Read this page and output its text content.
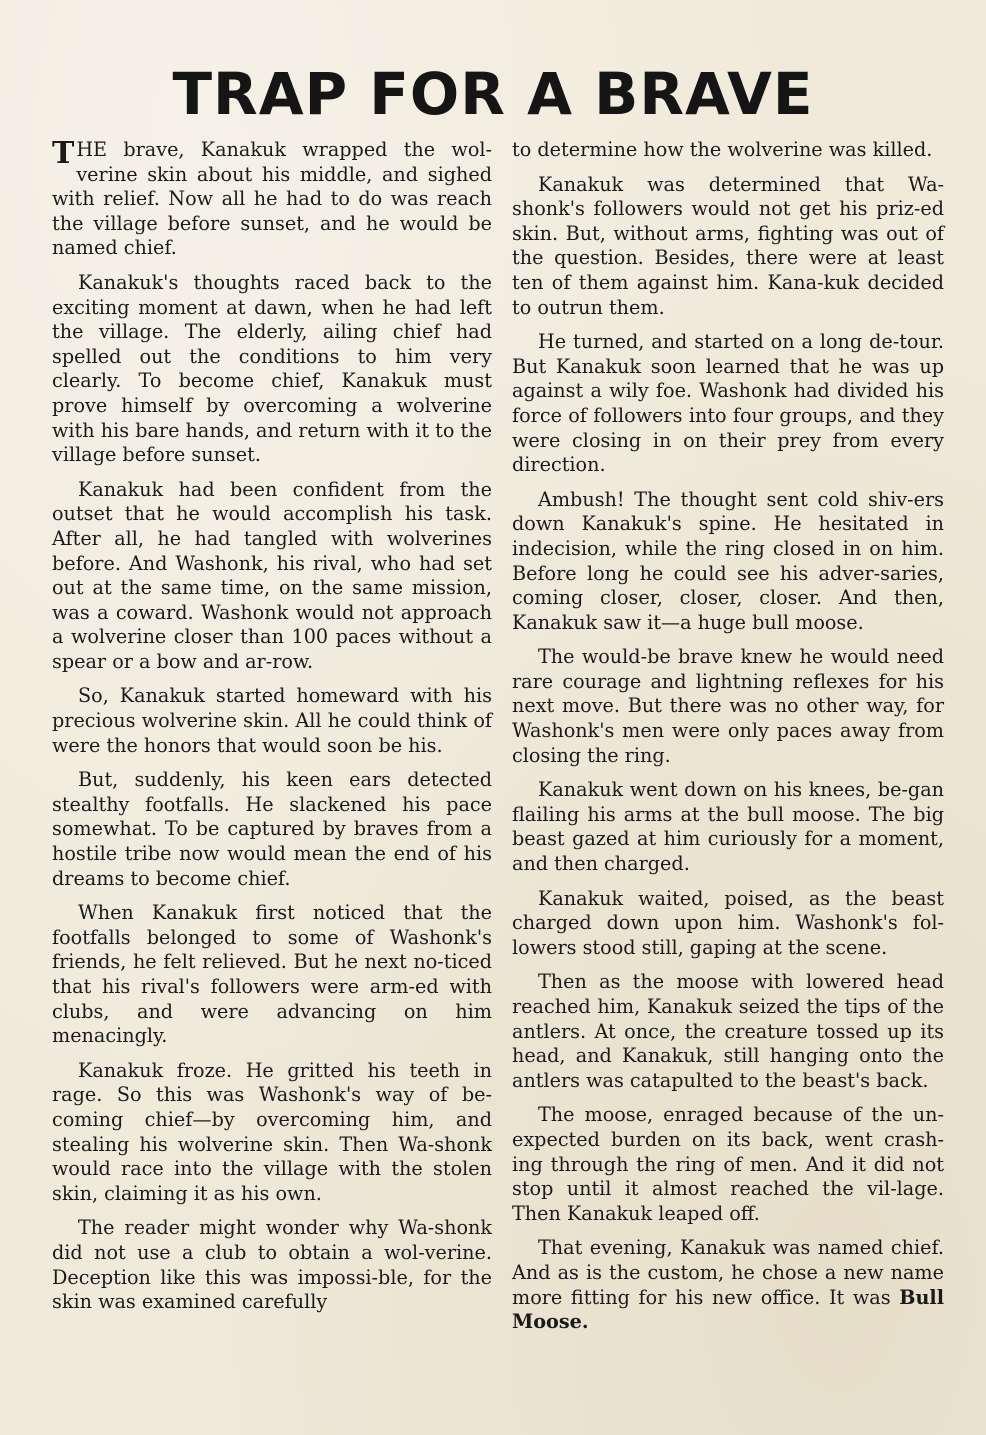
TRAP FOR A BRAVE

THE brave, Kanakuk wrapped the wol-verine skin about his middle, and sighed with relief. Now all he had to do was reach the village before sunset, and he would be named chief.

Kanakuk's thoughts raced back to the exciting moment at dawn, when he had left the village. The elderly, ailing chief had spelled out the conditions to him very clearly. To become chief, Kanakuk must prove himself by overcoming a wolverine with his bare hands, and return with it to the village before sunset.

Kanakuk had been confident from the outset that he would accomplish his task. After all, he had tangled with wolverines before. And Washonk, his rival, who had set out at the same time, on the same mission, was a coward. Washonk would not approach a wolverine closer than 100 paces without a spear or a bow and ar-row.

So, Kanakuk started homeward with his precious wolverine skin. All he could think of were the honors that would soon be his.

But, suddenly, his keen ears detected stealthy footfalls. He slackened his pace somewhat. To be captured by braves from a hostile tribe now would mean the end of his dreams to become chief.

When Kanakuk first noticed that the footfalls belonged to some of Washonk's friends, he felt relieved. But he next no-ticed that his rival's followers were arm-ed with clubs, and were advancing on him menacingly.

Kanakuk froze. He gritted his teeth in rage. So this was Washonk's way of be-coming chief—by overcoming him, and stealing his wolverine skin. Then Wa-shonk would race into the village with the stolen skin, claiming it as his own.

The reader might wonder why Wa-shonk did not use a club to obtain a wol-verine. Deception like this was impossi-ble, for the skin was examined carefully

to determine how the wolverine was killed.

Kanakuk was determined that Wa-shonk's followers would not get his priz-ed skin. But, without arms, fighting was out of the question. Besides, there were at least ten of them against him. Kana-kuk decided to outrun them.

He turned, and started on a long de-tour. But Kanakuk soon learned that he was up against a wily foe. Washonk had divided his force of followers into four groups, and they were closing in on their prey from every direction.

Ambush! The thought sent cold shiv-ers down Kanakuk's spine. He hesitated in indecision, while the ring closed in on him. Before long he could see his adver-saries, coming closer, closer, closer. And then, Kanakuk saw it—a huge bull moose.

The would-be brave knew he would need rare courage and lightning reflexes for his next move. But there was no other way, for Washonk's men were only paces away from closing the ring.

Kanakuk went down on his knees, be-gan flailing his arms at the bull moose. The big beast gazed at him curiously for a moment, and then charged.

Kanakuk waited, poised, as the beast charged down upon him. Washonk's fol-lowers stood still, gaping at the scene.

Then as the moose with lowered head reached him, Kanakuk seized the tips of the antlers. At once, the creature tossed up its head, and Kanakuk, still hanging onto the antlers was catapulted to the beast's back.

The moose, enraged because of the un-expected burden on its back, went crash-ing through the ring of men. And it did not stop until it almost reached the vil-lage. Then Kanakuk leaped off.

That evening, Kanakuk was named chief. And as is the custom, he chose a new name more fitting for his new office. It was Bull Moose.
